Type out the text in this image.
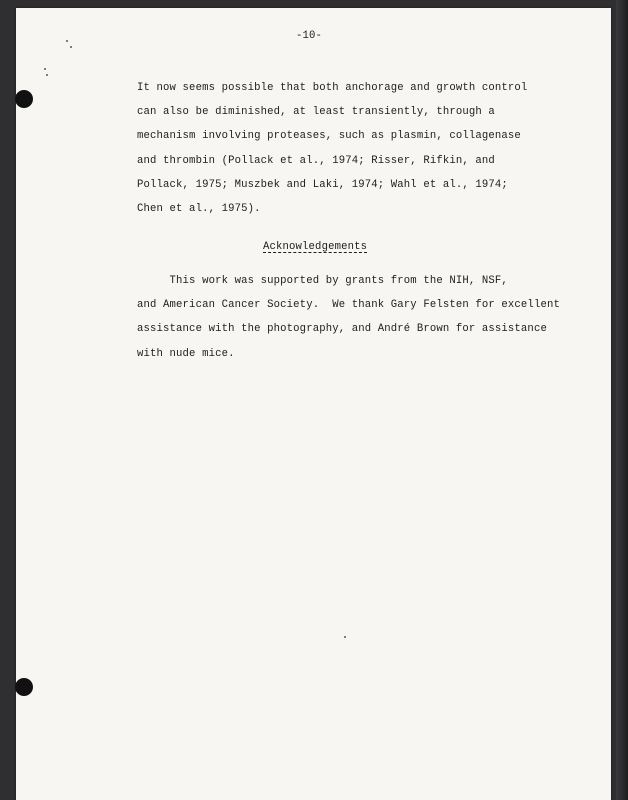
-10-

It now seems possible that both anchorage and growth control
can also be diminished, at least transiently, through a
mechanism involving proteases, such as plasmin, collagenase
and thrombin (Pollack et al., 1974; Risser, Rifkin, and
Pollack, 1975; Muszbek and Laki, 1974; Wahl et al., 1974;
Chen et al., 1975).

Acknowledgements

This work was supported by grants from the NIH, NSF,
and American Cancer Society.  We thank Gary Felsten for excellent
assistance with the photography, and André Brown for assistance
with nude mice.
